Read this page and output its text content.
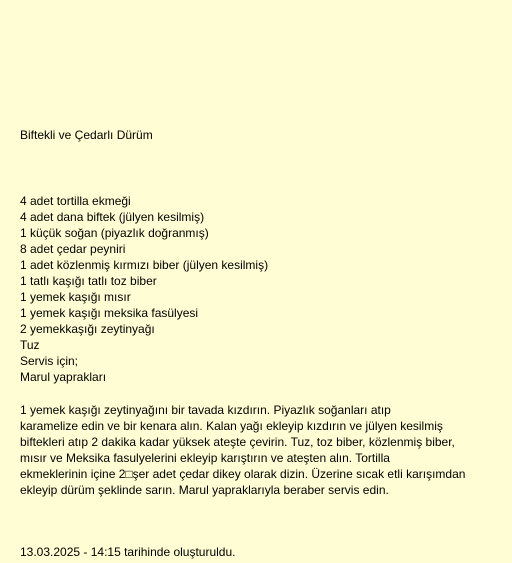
Biftekli ve Çedarlı Dürüm
4 adet tortilla ekmeği
4 adet dana biftek (jülyen kesilmiş)
1 küçük soğan (piyazlık doğranmış)
8 adet çedar peyniri
1 adet közlenmiş kırmızı biber (jülyen kesilmiş)
1 tatlı kaşığı tatlı toz biber
1 yemek kaşığı mısır
1 yemek kaşığı meksika fasülyesi
2 yemekkaşığı zeytinyağı
Tuz
Servis için;
Marul yaprakları

1 yemek kaşığı zeytinyağını bir tavada kızdırın. Piyazlık soğanları atıp
karamelize edin ve bir kenara alın. Kalan yağı ekleyip kızdırın ve jülyen kesilmiş
biftekleri atıp 2 dakika kadar yüksek ateşte çevirin. Tuz, toz biber, közlenmiş biber,
mısır ve Meksika fasulyelerini ekleyip karıştırın ve ateşten alın. Tortilla
ekmeklerinin içine 2□şer adet çedar dikey olarak dizin. Üzerine sıcak etli karışımdan
ekleyip dürüm şeklinde sarın. Marul yapraklarıyla beraber servis edin.

13.03.2025 - 14:15 tarihinde oluşturuldu.
